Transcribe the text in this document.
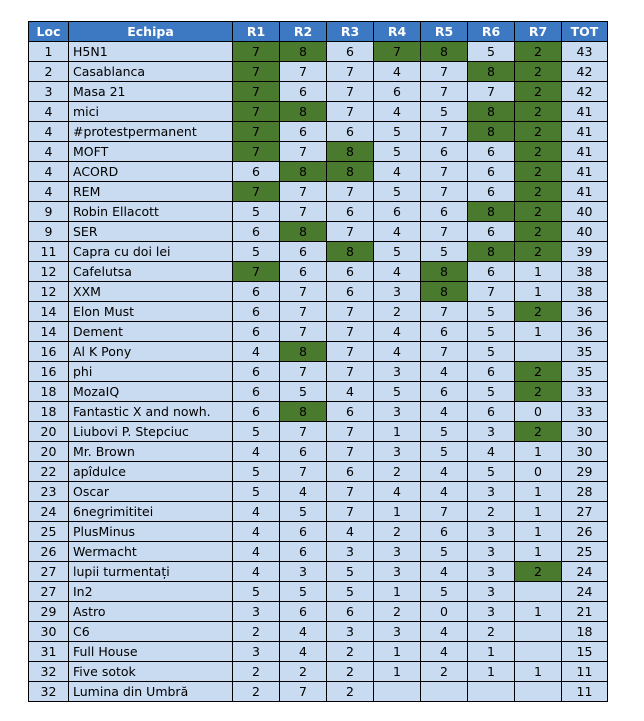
Loc	Echipa	R1	R2	R3	R4	R5	R6	R7	TOT
1	H5N1	7	8	6	7	8	5	2	43
2	Casablanca	7	7	7	4	7	8	2	42
3	Masa 21	7	6	7	6	7	7	2	42
4	mici	7	8	7	4	5	8	2	41
4	#protestpermanent	7	6	6	5	7	8	2	41
4	MOFT	7	7	8	5	6	6	2	41
4	ACORD	6	8	8	4	7	6	2	41
4	REM	7	7	7	5	7	6	2	41
9	Robin Ellacott	5	7	6	6	6	8	2	40
9	SER	6	8	7	4	7	6	2	40
11	Capra cu doi lei	5	6	8	5	5	8	2	39
12	Cafelutsa	7	6	6	4	8	6	1	38
12	XXM	6	7	6	3	8	7	1	38
14	Elon Must	6	7	7	2	7	5	2	36
14	Dement	6	7	7	4	6	5	1	36
16	Al K Pony	4	8	7	4	7	5		35
16	phi	6	7	7	3	4	6	2	35
18	MozaIQ	6	5	4	5	6	5	2	33
18	Fantastic X and nowh.	6	8	6	3	4	6	0	33
20	Liubovi P. Stepciuc	5	7	7	1	5	3	2	30
20	Mr. Brown	4	6	7	3	5	4	1	30
22	apîdulce	5	7	6	2	4	5	0	29
23	Oscar	5	4	7	4	4	3	1	28
24	6negrimititei	4	5	7	1	7	2	1	27
25	PlusMinus	4	6	4	2	6	3	1	26
26	Wermacht	4	6	3	3	5	3	1	25
27	lupii turmentați	4	3	5	3	4	3	2	24
27	In2	5	5	5	1	5	3		24
29	Astro	3	6	6	2	0	3	1	21
30	C6	2	4	3	3	4	2		18
31	Full House	3	4	2	1	4	1		15
32	Five sotok	2	2	2	1	2	1	1	11
32	Lumina din Umbră	2	7	2					11
